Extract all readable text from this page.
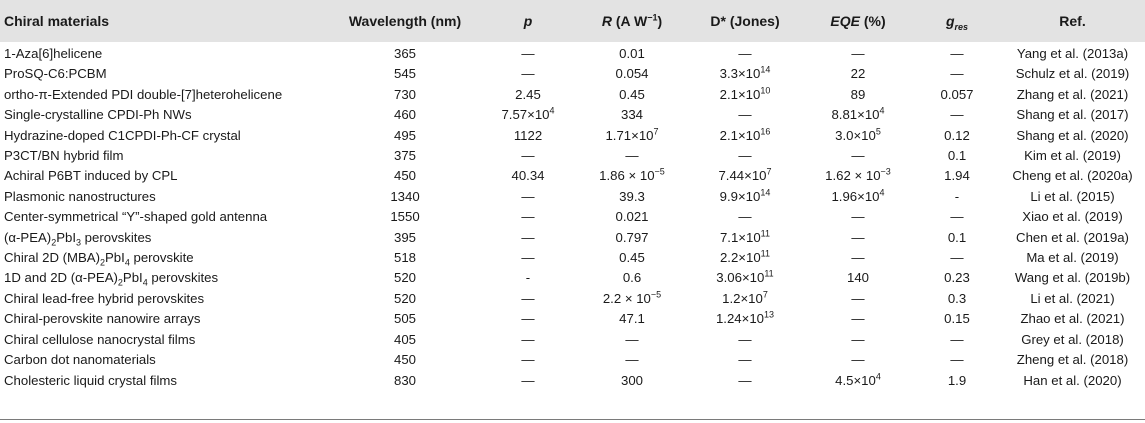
Chiral materials	Wavelength (nm)	p	R (A $W^{-1}$)	D* (Jones)	EQE (%)	$g_{res}$	Ref.
1-Aza[6]helicene	365	—	0.01	—	—	—	Yang et al. (2013a)
ProSQ-C6:PCBM	545	—	0.054	$3.3\times 10^{14}$	22	—	Schulz et al. (2019)
ortho-π-Extended PDI double-[7]heterohelicene	730	2.45	0.45	$2.1\times 10^{10}$	89	0.057	Zhang et al. (2021)
Single-crystalline CPDI-Ph NWs	460	$7.57\times 10^4$	334	—	$8.81\times 10^4$	—	Shang et al. (2017)
Hydrazine-doped C1CPDI-Ph-CF crystal	495	1122	$1.71\times 10^7$	$2.1\times 10^{16}$	$3.0\times 10^5$	0.12	Shang et al. (2020)
P3CT/BN hybrid film	375	—	—	—	—	0.1	Kim et al. (2019)
Achiral P6BT induced by CPL	450	40.34	$1.86 \times 10^{-5}$	$7.44\times 10^7$	$1.62 \times 10^{-3}$	1.94	Cheng et al. (2020a)
Plasmonic nanostructures	1340	—	39.3	$9.9\times 10^{14}$	$1.96\times 10^4$	-	Li et al. (2015)
Center-symmetrical “Y”-shaped gold antenna	1550	—	0.021	—	—	—	Xiao et al. (2019)
$(\alpha-PEA)_2PbI_3$ perovskites	395	—	0.797	$7.1\times 10^{11}$	—	0.1	Chen et al. (2019a)
Chiral 2D $(MBA)_2PbI_4$ perovskite	518	—	0.45	$2.2\times 10^{11}$	—	—	Ma et al. (2019)
1D and 2D $(\alpha-PEA)_2PbI_4$ perovskites	520	-	0.6	$3.06\times 10^{11}$	140	0.23	Wang et al. (2019b)
Chiral lead-free hybrid perovskites	520	—	$2.2 \times 10^{-5}$	$1.2\times 10^7$	—	0.3	Li et al. (2021)
Chiral-perovskite nanowire arrays	505	—	47.1	$1.24\times 10^{13}$	—	0.15	Zhao et al. (2021)
Chiral cellulose nanocrystal films	405	—	—	—	—	—	Grey et al. (2018)
Carbon dot nanomaterials	450	—	—	—	—	—	Zheng et al. (2018)
Cholesteric liquid crystal films	830	—	300	—	$4.5\times 10^4$	1.9	Han et al. (2020)
